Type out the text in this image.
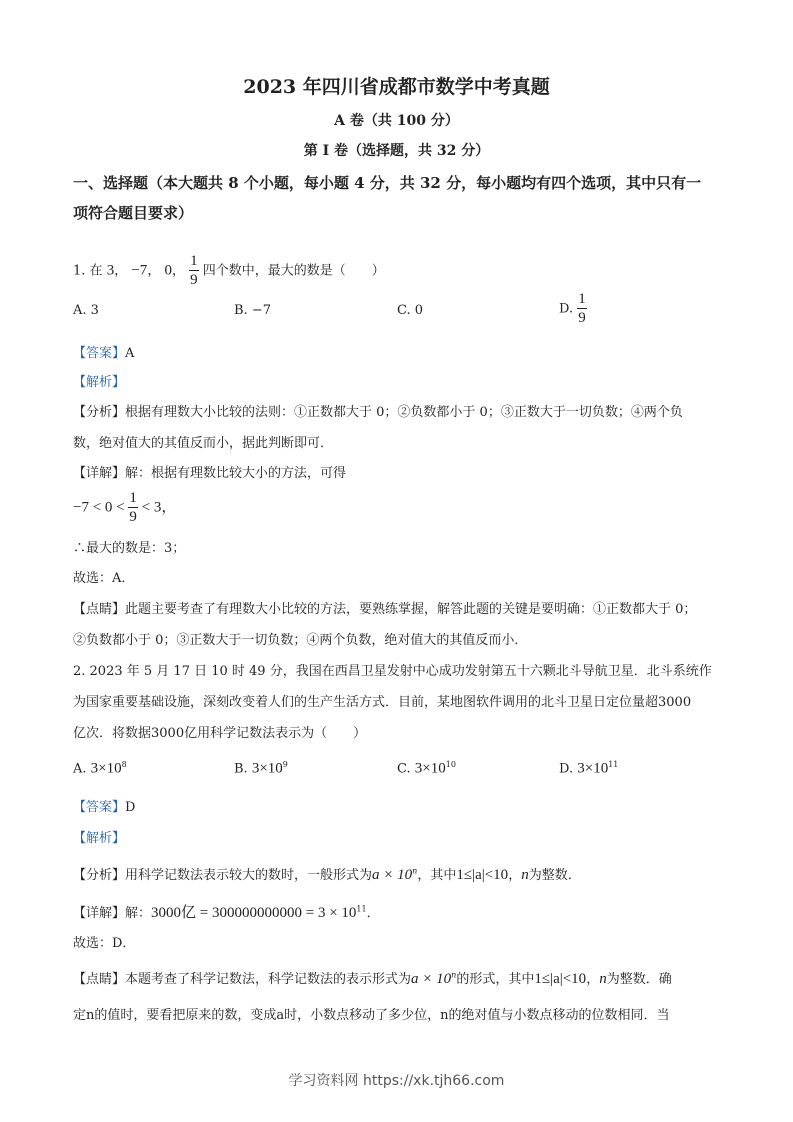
2023 年四川省成都市数学中考真题
A 卷（共 100 分）
第 I 卷（选择题，共 32 分）
一、选择题（本大题共 8 个小题，每小题 4 分，共 32 分，每小题均有四个选项，其中只有一
项符合题目要求）
1. 在 3， −7， 0， $\frac{1}{9}$ 四个数中，最大的数是（　　）
A. 3	B. −7	C. 0	D. $\frac{1}{9}$
【答案】A
【解析】
【分析】根据有理数大小比较的法则：①正数都大于 0；②负数都小于 0；③正数大于一切负数；④两个负
数，绝对值大的其值反而小，据此判断即可．
【详解】解：根据有理数比较大小的方法，可得
$-7 < 0 < \frac{1}{9} < 3$，
∴最大的数是：3；
故选：A．
【点睛】此题主要考查了有理数大小比较的方法，要熟练掌握，解答此题的关键是要明确：①正数都大于 0；
②负数都小于 0；③正数大于一切负数；④两个负数，绝对值大的其值反而小．
2. 2023 年 5 月 17 日 10 时 49 分，我国在西昌卫星发射中心成功发射第五十六颗北斗导航卫星．北斗系统作
为国家重要基础设施，深刻改变着人们的生产生活方式．目前，某地图软件调用的北斗卫星日定位量超3000
亿次．将数据3000亿用科学记数法表示为（　　）
A. $3\times 10^8$	B. $3\times 10^9$	C. $3\times 10^{10}$	D. $3\times 10^{11}$
【答案】D
【解析】
【分析】用科学记数法表示较大的数时，一般形式为$a \times 10^n$，其中1≤|a|<10，n为整数．
【详解】解：3000亿 = $300000000000 = 3 \times 10^{11}$．
故选：D．
【点睛】本题考查了科学记数法，科学记数法的表示形式为$a \times 10^n$的形式，其中1≤|a|<10，n为整数．确
定n的值时，要看把原来的数，变成a时，小数点移动了多少位，n的绝对值与小数点移动的位数相同．当
学习资料网 https://xk.tjh66.com
